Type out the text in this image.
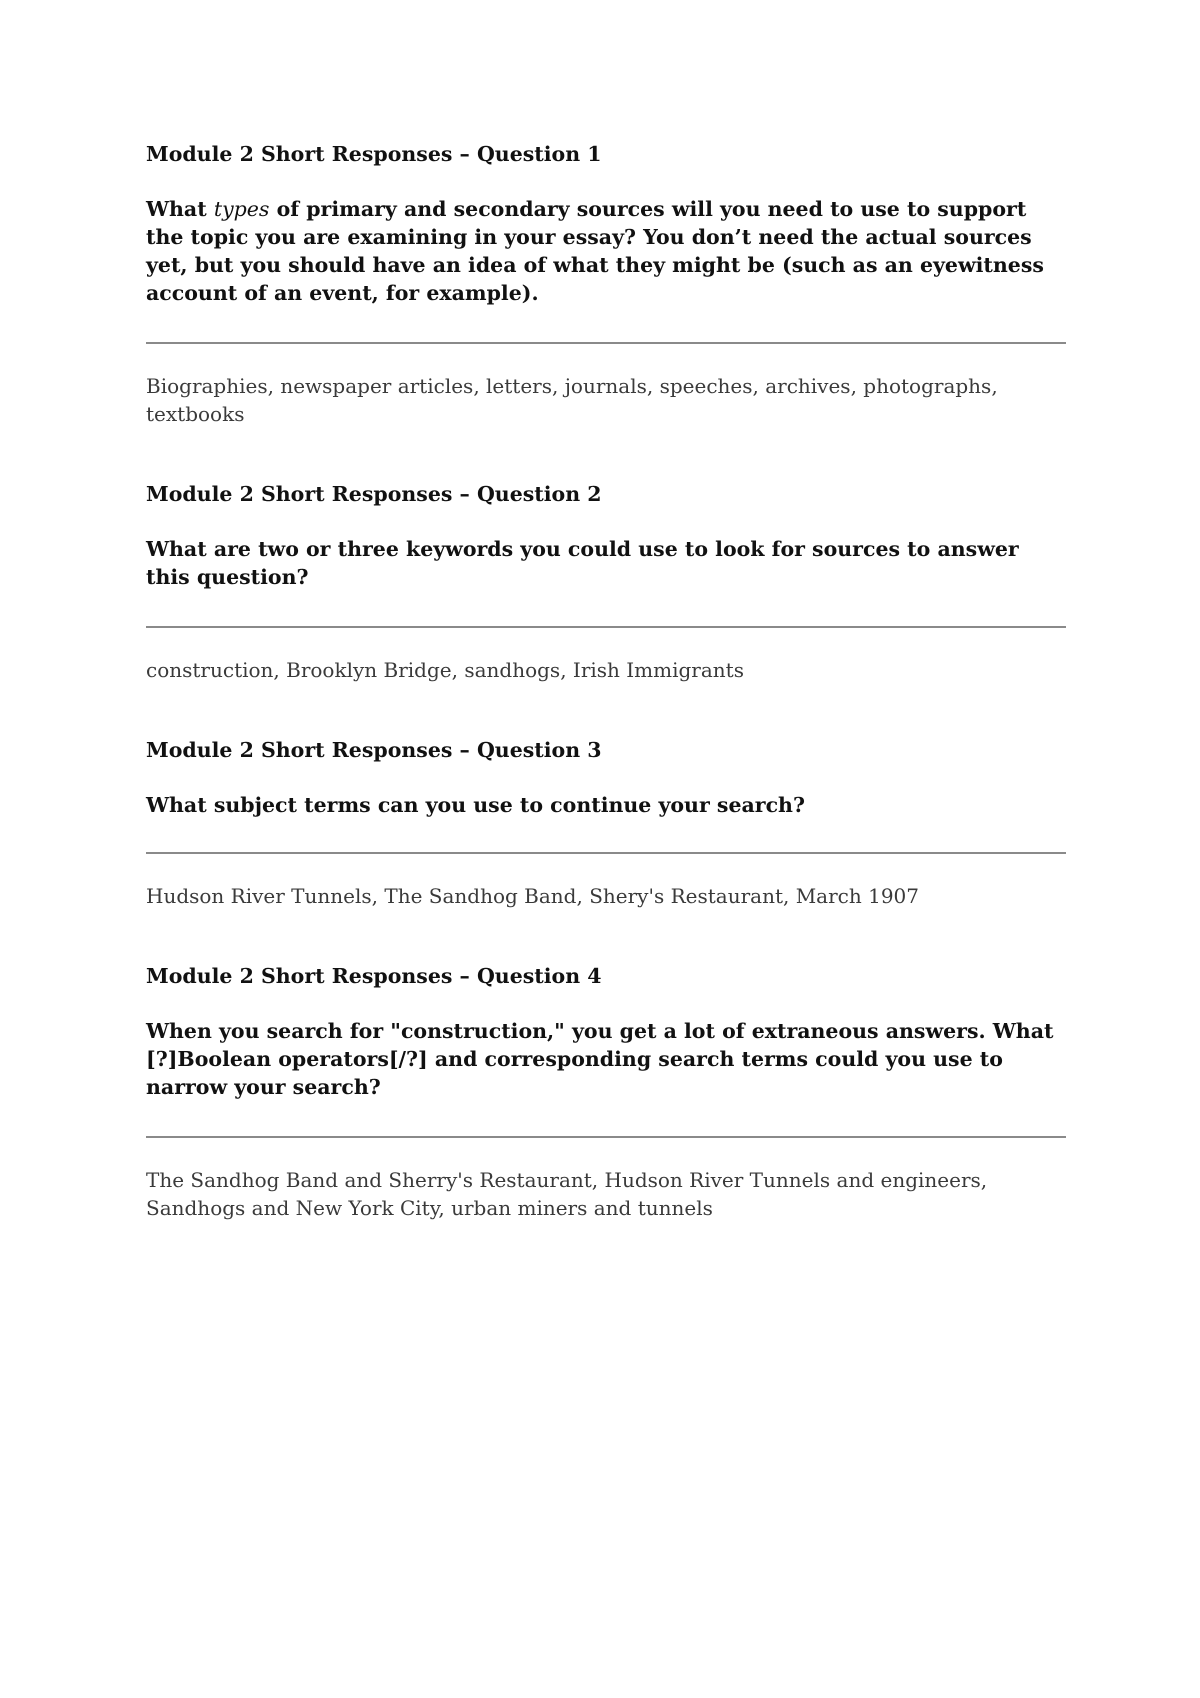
Module 2 Short Responses – Question 1

What types of primary and secondary sources will you need to use to support the topic you are examining in your essay? You don’t need the actual sources yet, but you should have an idea of what they might be (such as an eyewitness account of an event, for example).

Biographies, newspaper articles, letters, journals, speeches, archives, photographs, textbooks

Module 2 Short Responses – Question 2

What are two or three keywords you could use to look for sources to answer this question?

construction, Brooklyn Bridge, sandhogs, Irish Immigrants

Module 2 Short Responses – Question 3

What subject terms can you use to continue your search?

Hudson River Tunnels, The Sandhog Band, Shery's Restaurant, March 1907

Module 2 Short Responses – Question 4

When you search for "construction," you get a lot of extraneous answers. What [?]Boolean operators[/?] and corresponding search terms could you use to narrow your search?

The Sandhog Band and Sherry's Restaurant, Hudson River Tunnels and engineers, Sandhogs and New York City, urban miners and tunnels
